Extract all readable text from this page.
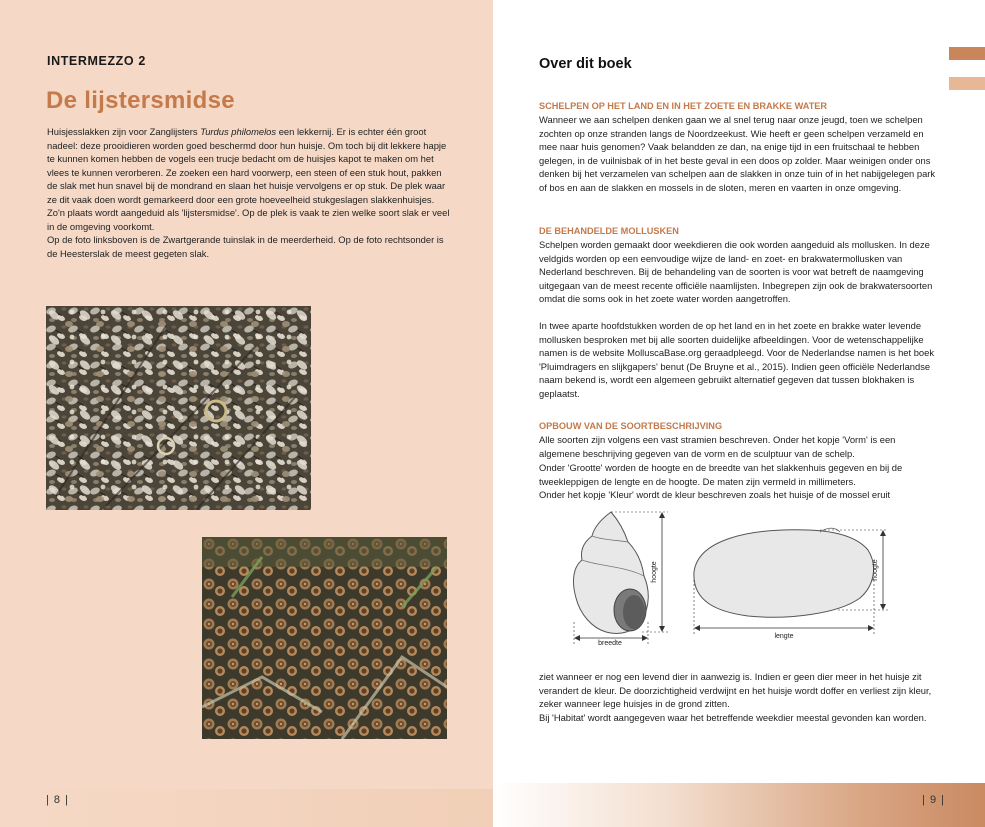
INTERMEZZO 2
De lijstersmidse

Huisjesslakken zijn voor Zanglijsters Turdus philomelos een lekkernij. Er is echter één groot nadeel: deze prooidieren worden goed beschermd door hun huisje. Om toch bij dit lekkere hapje te kunnen komen hebben de vogels een trucje bedacht om de huisjes kapot te maken om het vlees te kunnen verorberen. Ze zoeken een hard voorwerp, een steen of een stuk hout, pakken de slak met hun snavel bij de mondrand en slaan het huisje vervolgens er op stuk. De plek waar ze dit vaak doen wordt gemarkeerd door een grote hoeveelheid stukgeslagen slakkenhuisjes. Zo'n plaats wordt aangeduid als 'lijstersmidse'. Op de plek is vaak te zien welke soort slak er veel in de omgeving voorkomt.
Op de foto linksboven is de Zwartgerande tuinslak in de meerderheid. Op de foto rechtsonder is de Heesterslak de meest gegeten slak.

| 8 |
Over dit boek
SCHELPEN OP HET LAND EN IN HET ZOETE EN BRAKKE WATER

Wanneer we aan schelpen denken gaan we al snel terug naar onze jeugd, toen we schelpen zochten op onze stranden langs de Noordzeekust. Wie heeft er geen schelpen verzameld en mee naar huis genomen? Vaak belandden ze dan, na enige tijd in een fruitschaal te hebben gelegen, in de vuilnisbak of in het beste geval in een doos op zolder. Maar weinigen onder ons denken bij het verzamelen van schelpen aan de slakken in onze tuin of in het nabijgelegen park of bos en aan de slakken en mossels in de sloten, meren en vaarten in onze omgeving.

DE BEHANDELDE MOLLUSKEN

Schelpen worden gemaakt door weekdieren die ook worden aangeduid als mollusken. In deze veldgids worden op een eenvoudige wijze de land- en zoet- en brakwatermollusken van Nederland beschreven. Bij de behandeling van de soorten is voor wat betreft de naamgeving uitgegaan van de meest recente officiële naamlijsten. Inbegrepen zijn ook de brakwatersoorten omdat die soms ook in het zoete water worden aangetroffen.

In twee aparte hoofdstukken worden de op het land en in het zoete en brakke water levende mollusken besproken met bij alle soorten duidelijke afbeeldingen. Voor de wetenschappelijke namen is de website MolluscaBase.org geraadpleegd. Voor de Nederlandse namen is het boek 'Pluimdragers en slijkgapers' benut (De Bruyne et al., 2015). Indien geen officiële Nederlandse naam bekend is, wordt een algemeen gebruikt alternatief gegeven dat tussen blokhaken is geplaatst.

OPBOUW VAN DE SOORTBESCHRIJVING

Alle soorten zijn volgens een vast stramien beschreven. Onder het kopje 'Vorm' is een algemene beschrijving gegeven van de vorm en de sculptuur van de schelp.

Onder 'Grootte' worden de hoogte en de breedte van het slakkenhuis gegeven en bij de tweekleppigen de lengte en de hoogte. De maten zijn vermeld in millimeters.

Onder het kopje 'Kleur' wordt de kleur beschreven zoals het huisje of de mossel eruit

hoogte
breedte
hoogte
lengte

ziet wanneer er nog een levend dier in aanwezig is. Indien er geen dier meer in het huisje zit verandert de kleur. De doorzichtigheid verdwijnt en het huisje wordt doffer en verliest zijn kleur, zeker wanneer lege huisjes in de grond zitten.

Bij 'Habitat' wordt aangegeven waar het betreffende weekdier meestal gevonden kan worden.

| 9 |
